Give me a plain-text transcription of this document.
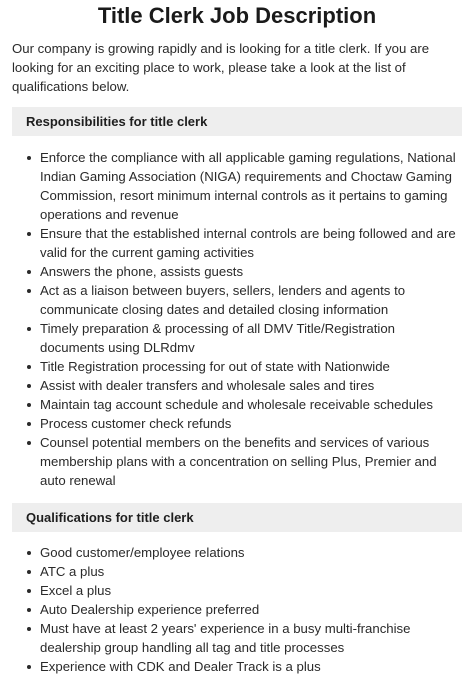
Title Clerk Job Description

Our company is growing rapidly and is looking for a title clerk. If you are looking for an exciting place to work, please take a look at the list of qualifications below.

Responsibilities for title clerk
Enforce the compliance with all applicable gaming regulations, National Indian Gaming Association (NIGA) requirements and Choctaw Gaming Commission, resort minimum internal controls as it pertains to gaming operations and revenue
Ensure that the established internal controls are being followed and are valid for the current gaming activities
Answers the phone, assists guests
Act as a liaison between buyers, sellers, lenders and agents to communicate closing dates and detailed closing information
Timely preparation & processing of all DMV Title/Registration documents using DLRdmv
Title Registration processing for out of state with Nationwide
Assist with dealer transfers and wholesale sales and tires
Maintain tag account schedule and wholesale receivable schedules
Process customer check refunds
Counsel potential members on the benefits and services of various membership plans with a concentration on selling Plus, Premier and auto renewal
Qualifications for title clerk
Good customer/employee relations
ATC a plus
Excel a plus
Auto Dealership experience preferred
Must have at least 2 years' experience in a busy multi-franchise dealership group handling all tag and title processes
Experience with CDK and Dealer Track is a plus
